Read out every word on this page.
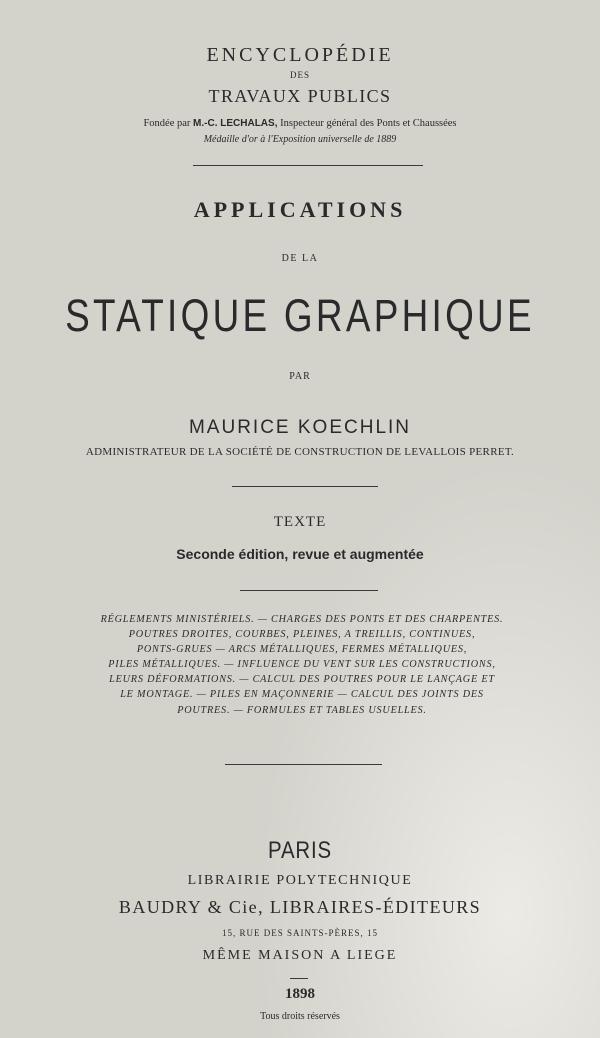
ENCYCLOPÉDIE
DES
TRAVAUX PUBLICS
Fondée par M.-C. LECHALAS, Inspecteur général des Ponts et Chaussées
Médaille d'or à l'Exposition universelle de 1889
APPLICATIONS
DE LA
STATIQUE GRAPHIQUE
PAR
MAURICE KOECHLIN
ADMINISTRATEUR DE LA SOCIÉTÉ DE CONSTRUCTION DE LEVALLOIS PERRET.
TEXTE
Seconde édition, revue et augmentée
RÉGLEMENTS MINISTÉRIELS. — CHARGES DES PONTS ET DES CHARPENTES.
POUTRES DROITES, COURBES, PLEINES, A TREILLIS, CONTINUES,
PONTS-GRUES — ARCS MÉTALLIQUES, FERMES MÉTALLIQUES,
PILES MÉTALLIQUES. — INFLUENCE DU VENT SUR LES CONSTRUCTIONS,
LEURS DÉFORMATIONS. — CALCUL DES POUTRES POUR LE LANÇAGE ET
LE MONTAGE. — PILES EN MAÇONNERIE — CALCUL DES JOINTS DES
POUTRES. — FORMULES ET TABLES USUELLES.
PARIS
LIBRAIRIE POLYTECHNIQUE
BAUDRY & Cie, LIBRAIRES-ÉDITEURS
15, RUE DES SAINTS-PÈRES, 15
MÊME MAISON A LIEGE
1898
Tous droits réservés
